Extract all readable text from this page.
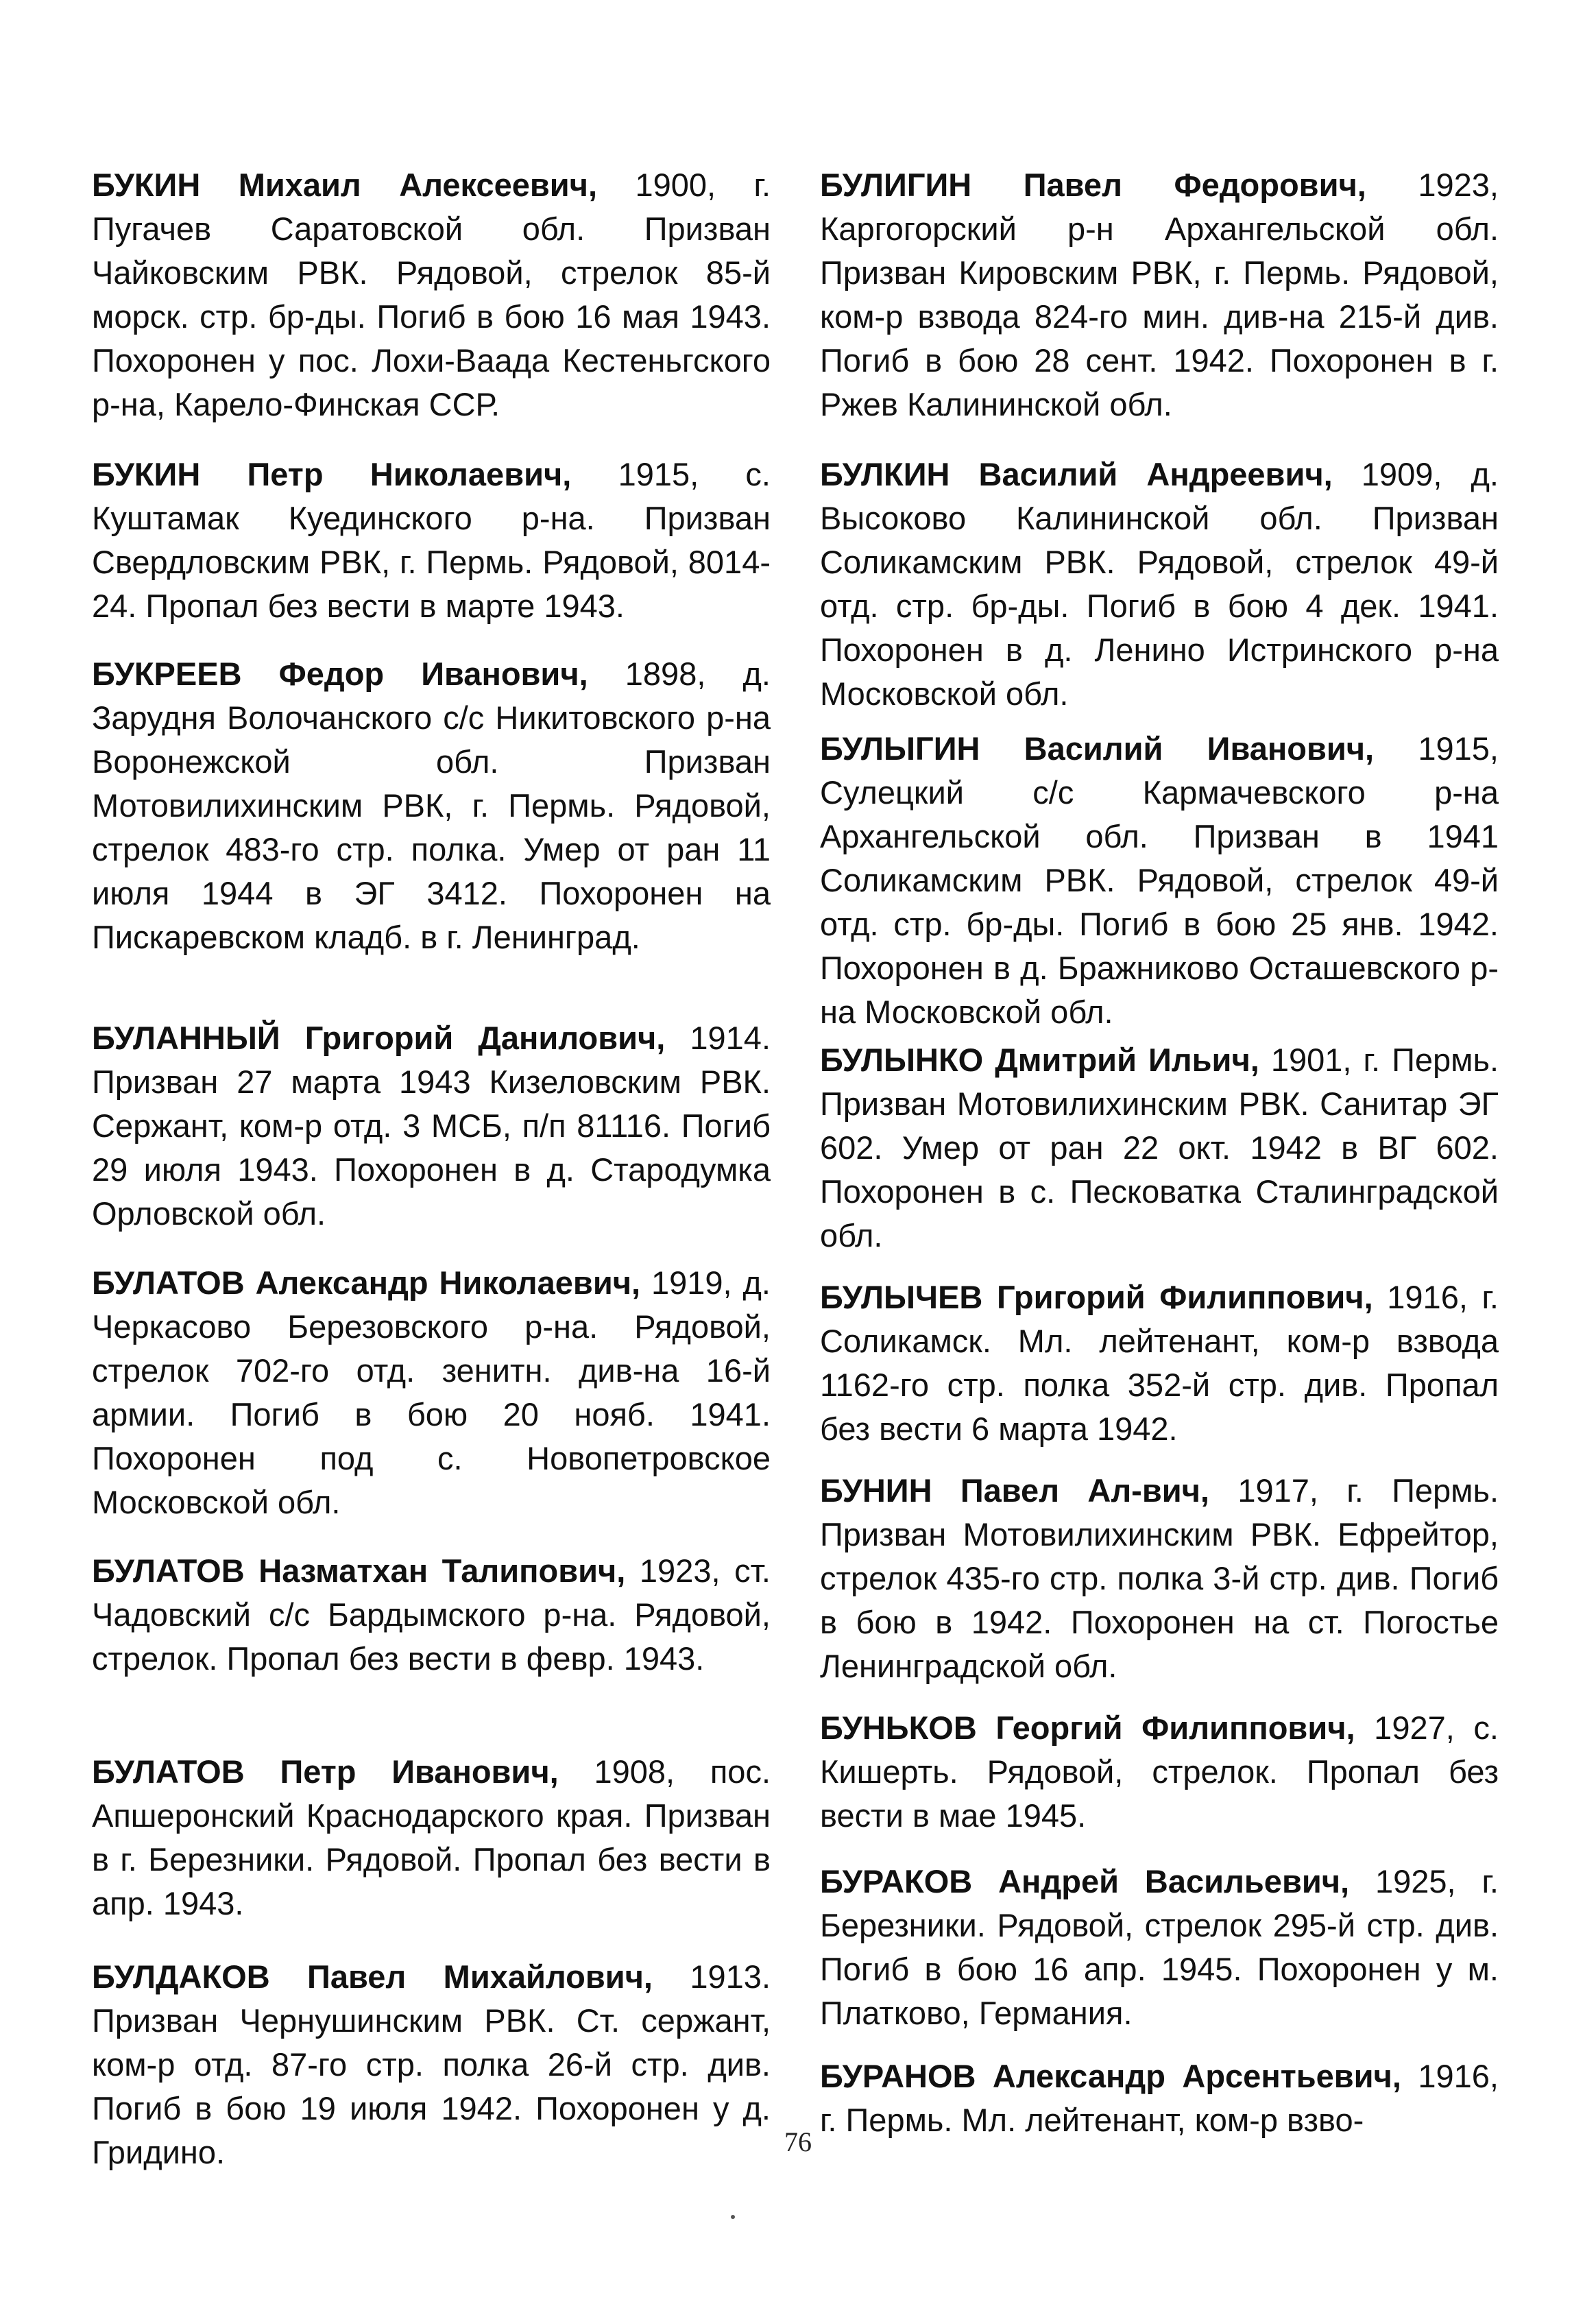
БУКИН Михаил Алексеевич, 1900, г. Пугачев Саратовской обл. Призван Чайковским РВК. Рядовой, стрелок 85-й морск. стр. бр-ды. Погиб в бою 16 мая 1943. Похоронен у пос. Лохи-Ваада Кестеньгского р-на, Карело-Финская ССР.

БУКИН Петр Николаевич, 1915, с. Куштамак Куединского р-на. Призван Свердловским РВК, г. Пермь. Рядовой, 8014-24. Пропал без вести в марте 1943.

БУКРЕЕВ Федор Иванович, 1898, д. Зарудня Волочанского с/с Никитовского р-на Воронежской обл. Призван Мотовилихинским РВК, г. Пермь. Рядовой, стрелок 483-го стр. полка. Умер от ран 11 июля 1944 в ЭГ 3412. Похоронен на Пискаревском кладб. в г. Ленинград.

БУЛАННЫЙ Григорий Данилович, 1914. Призван 27 марта 1943 Кизеловским РВК. Сержант, ком-р отд. 3 МСБ, п/п 81116. Погиб 29 июля 1943. Похоронен в д. Стародумка Орловской обл.

БУЛАТОВ Александр Николаевич, 1919, д. Черкасово Березовского р-на. Рядовой, стрелок 702-го отд. зенитн. див-на 16-й армии. Погиб в бою 20 нояб. 1941. Похоронен под с. Новопетровское Московской обл.

БУЛАТОВ Назматхан Талипович, 1923, ст. Чадовский с/с Бардымского р-на. Рядовой, стрелок. Пропал без вести в февр. 1943.

БУЛАТОВ Петр Иванович, 1908, пос. Апшеронский Краснодарского края. Призван в г. Березники. Рядовой. Пропал без вести в апр. 1943.

БУЛДАКОВ Павел Михайлович, 1913. Призван Чернушинским РВК. Ст. сержант, ком-р отд. 87-го стр. полка 26-й стр. див. Погиб в бою 19 июля 1942. Похоронен у д. Гридино.

БУЛИГИН Павел Федорович, 1923, Каргогорский р-н Архангельской обл. Призван Кировским РВК, г. Пермь. Рядовой, ком-р взвода 824-го мин. див-на 215-й див. Погиб в бою 28 сент. 1942. Похоронен в г. Ржев Калининской обл.

БУЛКИН Василий Андреевич, 1909, д. Высоково Калининской обл. Призван Соликамским РВК. Рядовой, стрелок 49-й отд. стр. бр-ды. Погиб в бою 4 дек. 1941. Похоронен в д. Ленино Истринского р-на Московской обл.

БУЛЫГИН Василий Иванович, 1915, Сулецкий с/с Кармачевского р-на Архангельской обл. Призван в 1941 Соликамским РВК. Рядовой, стрелок 49-й отд. стр. бр-ды. Погиб в бою 25 янв. 1942. Похоронен в д. Бражниково Осташевского р-на Московской обл.

БУЛЫНКО Дмитрий Ильич, 1901, г. Пермь. Призван Мотовилихинским РВК. Санитар ЭГ 602. Умер от ран 22 окт. 1942 в ВГ 602. Похоронен в с. Песковатка Сталинградской обл.

БУЛЫЧЕВ Григорий Филиппович, 1916, г. Соликамск. Мл. лейтенант, ком-р взвода 1162-го стр. полка 352-й стр. див. Пропал без вести 6 марта 1942.

БУНИН Павел Ал-вич, 1917, г. Пермь. Призван Мотовилихинским РВК. Ефрейтор, стрелок 435-го стр. полка 3-й стр. див. Погиб в бою в 1942. Похоронен на ст. Погостье Ленинградской обл.

БУНЬКОВ Георгий Филиппович, 1927, с. Кишерть. Рядовой, стрелок. Пропал без вести в мае 1945.

БУРАКОВ Андрей Васильевич, 1925, г. Березники. Рядовой, стрелок 295-й стр. див. Погиб в бою 16 апр. 1945. Похоронен у м. Платково, Германия.

БУРАНОВ Александр Арсентьевич, 1916, г. Пермь. Мл. лейтенант, ком-р взво-

76
